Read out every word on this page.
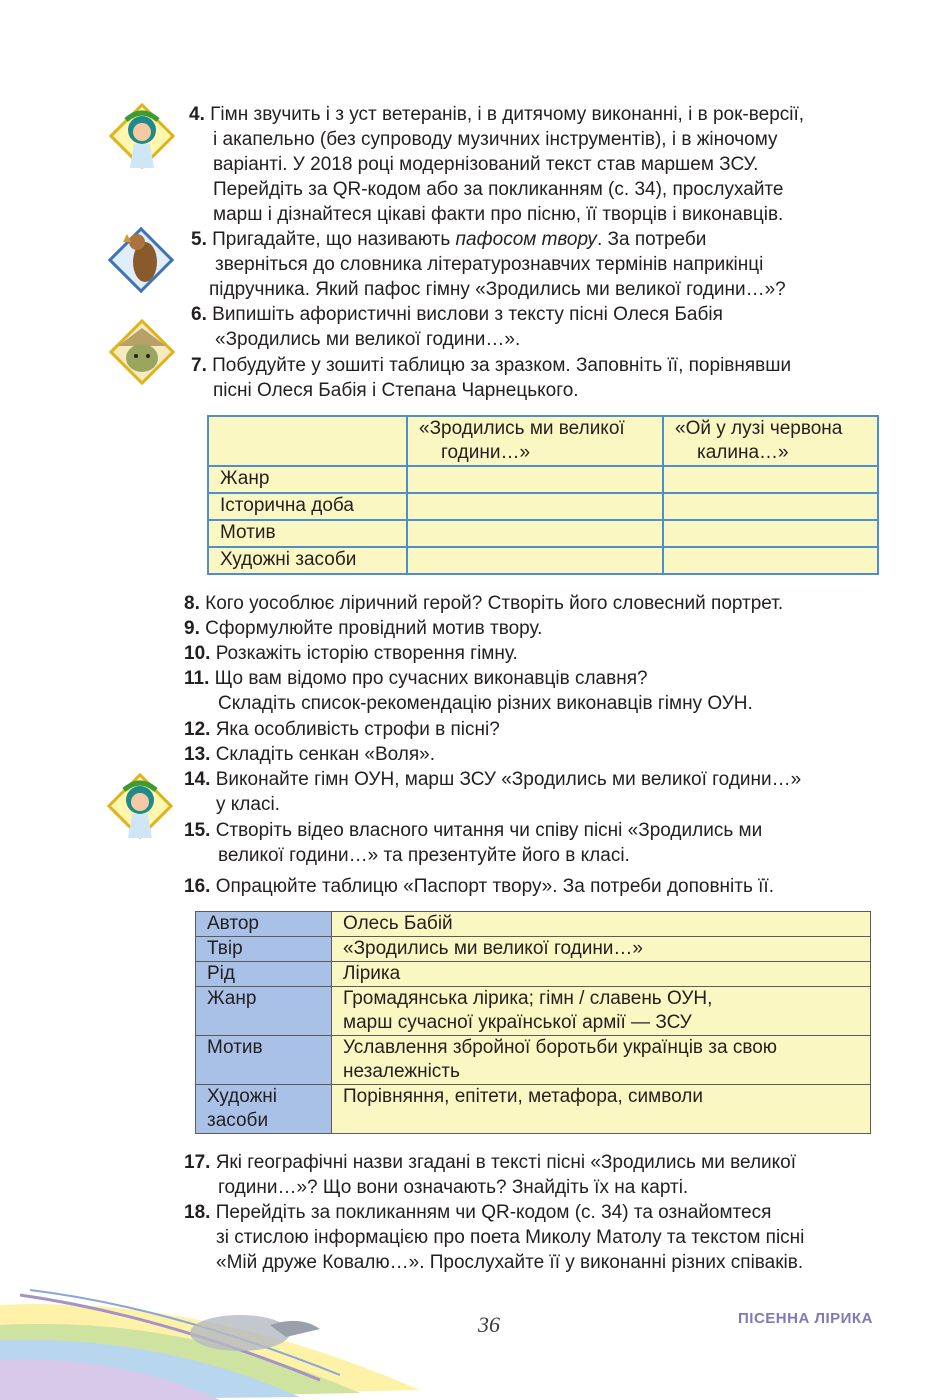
4. Гімн звучить і з уст ветеранів, і в дитячому виконанні, і в рок-версії,
і акапельно (без супроводу музичних інструментів), і в жіночому
варіанті. У 2018 році модернізований текст став маршем ЗСУ.
Перейдіть за QR-кодом або за покликанням (с. 34), прослухайте
марш і дізнайтеся цікаві факти про пісню, її творців і виконавців.
5. Пригадайте, що називають пафосом твору. За потреби
зверніться до словника літературознавчих термінів наприкінці
підручника. Який пафос гімну «Зродились ми великої години…»?
6. Випишіть афористичні вислови з тексту пісні Олеся Бабія
«Зродились ми великої години…».
7. Побудуйте у зошиті таблицю за зразком. Заповніть її, порівнявши
пісні Олеся Бабія і Степана Чарнецького.

	«Зродились ми великої
години…»	«Ой у лузі червона
калина…»

Жанр		
Історична доба		
Мотив		
Художні засоби		
8. Кого уособлює ліричний герой? Створіть його словесний портрет.
9. Сформулюйте провідний мотив твору.
10. Розкажіть історію створення гімну.
11. Що вам відомо про сучасних виконавців славня?
Складіть список-рекомендацію різних виконавців гімну ОУН.
12. Яка особливість строфи в пісні?
13. Складіть сенкан «Воля».
14. Виконайте гімн ОУН, марш ЗСУ «Зродились ми великої години…»
у класі.
15. Створіть відео власного читання чи співу пісні «Зродились ми
великої години…» та презентуйте його в класі.
16. Опрацюйте таблицю «Паспорт твору». За потреби доповніть її.
Автор	Олесь Бабій
Твір	«Зродились ми великої години…»
Рід	Лірика
Жанр	Громадянська лірика; гімн / славень ОУН,
марш сучасної української армії — ЗСУ

Мотив	Уславлення збройної боротьби українців за свою
незалежність

Художні
засоби	Порівняння, епітети, метафора, символи
17. Які географічні назви згадані в тексті пісні «Зродились ми великої
години…»? Що вони означають? Знайдіть їх на карті.
18. Перейдіть за покликанням чи QR-кодом (с. 34) та ознайомтеся
зі стислою інформацією про поета Миколу Матолу та текстом пісні
«Мій друже Ковалю…». Прослухайте її у виконанні різних співаків.
36	ПІСЕННА ЛІРИКА
